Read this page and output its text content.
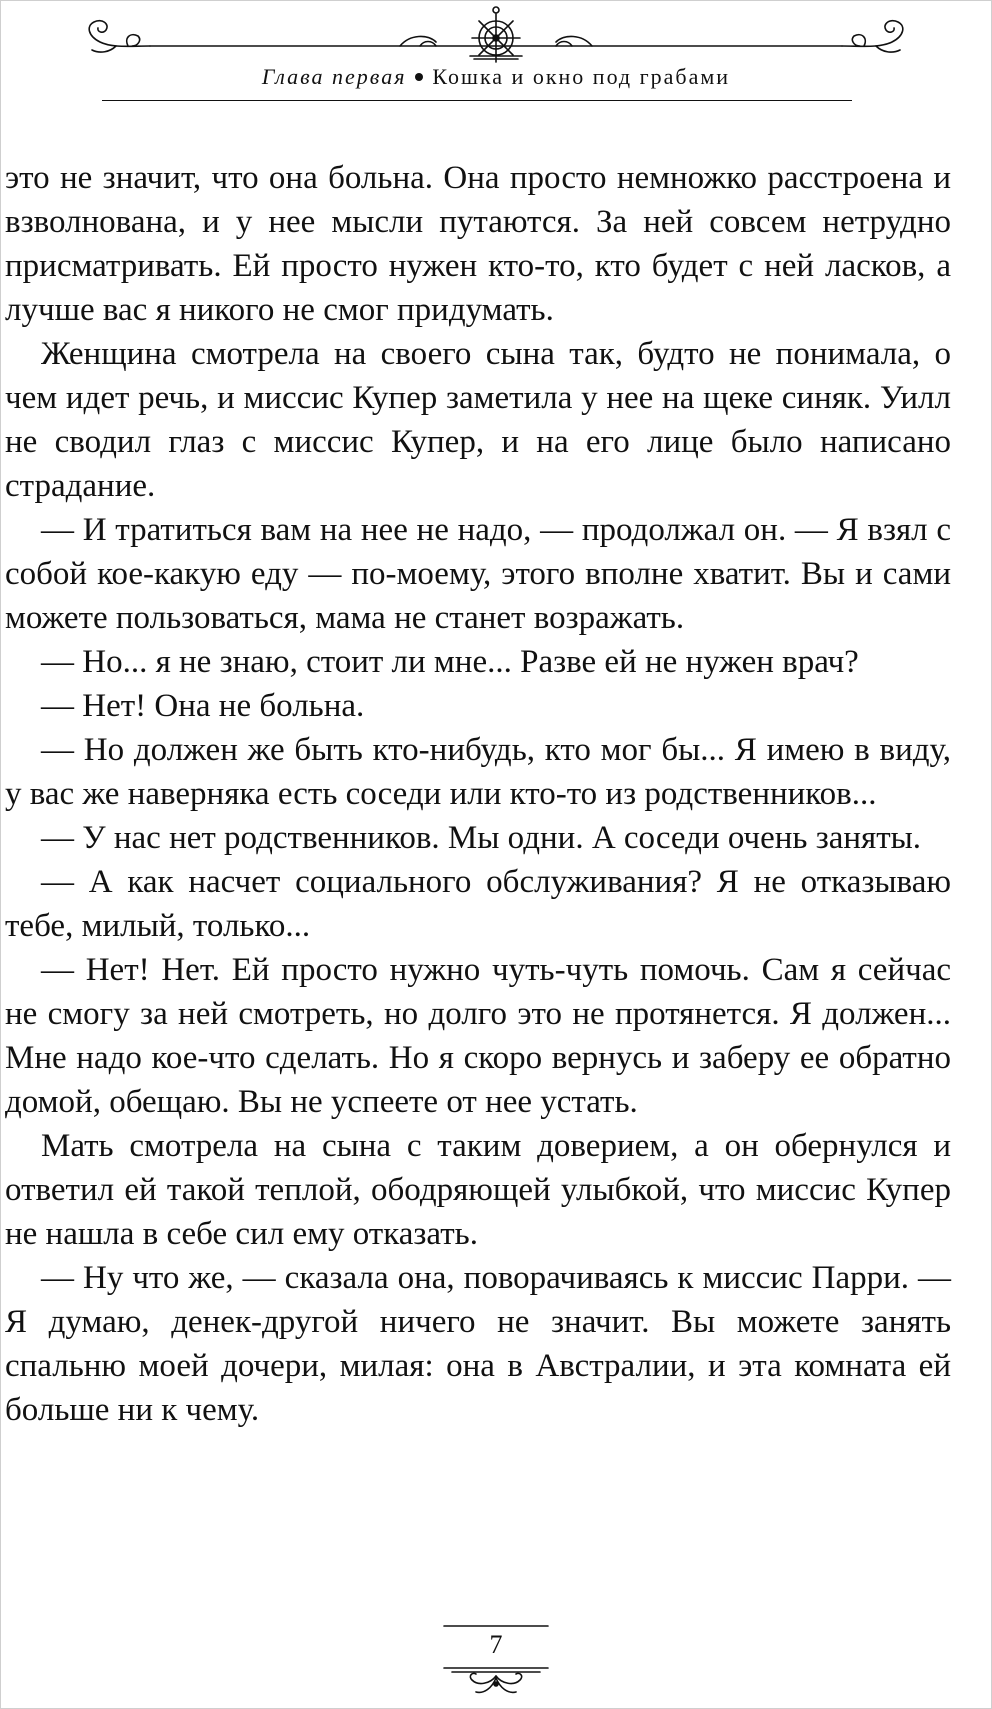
Глава первая Кошка и окно под грабами

это не значит, что она больна. Она просто немножко расстроена и взволнована, и у нее мысли путаются. За ней совсем нетрудно присматривать. Ей просто нужен кто-то, кто будет с ней ласков, а лучше вас я никого не смог придумать.

Женщина смотрела на своего сына так, будто не понимала, о чем идет речь, и миссис Купер заметила у нее на щеке синяк. Уилл не сводил глаз с миссис Купер, и на его лице было написано страдание.

— И тратиться вам на нее не надо, — продолжал он. — Я взял с собой кое-какую еду — по-моему, этого вполне хватит. Вы и сами можете пользоваться, мама не станет возражать.

— Но... я не знаю, стоит ли мне... Разве ей не нужен врач?

— Нет! Она не больна.

— Но должен же быть кто-нибудь, кто мог бы... Я имею в виду, у вас же наверняка есть соседи или кто-то из родственников...

— У нас нет родственников. Мы одни. А соседи очень заняты.

— А как насчет социального обслуживания? Я не отказываю тебе, милый, только...

— Нет! Нет. Ей просто нужно чуть-чуть помочь. Сам я сейчас не смогу за ней смотреть, но долго это не протянется. Я должен... Мне надо кое-что сделать. Но я скоро вернусь и заберу ее обратно домой, обещаю. Вы не успеете от нее устать.

Мать смотрела на сына с таким доверием, а он обернулся и ответил ей такой теплой, ободряющей улыбкой, что миссис Купер не нашла в себе сил ему отказать.

— Ну что же, — сказала она, поворачиваясь к миссис Парри. — Я думаю, денек-другой ничего не значит. Вы можете занять спальню моей дочери, милая: она в Австралии, и эта комната ей больше ни к чему.

7
